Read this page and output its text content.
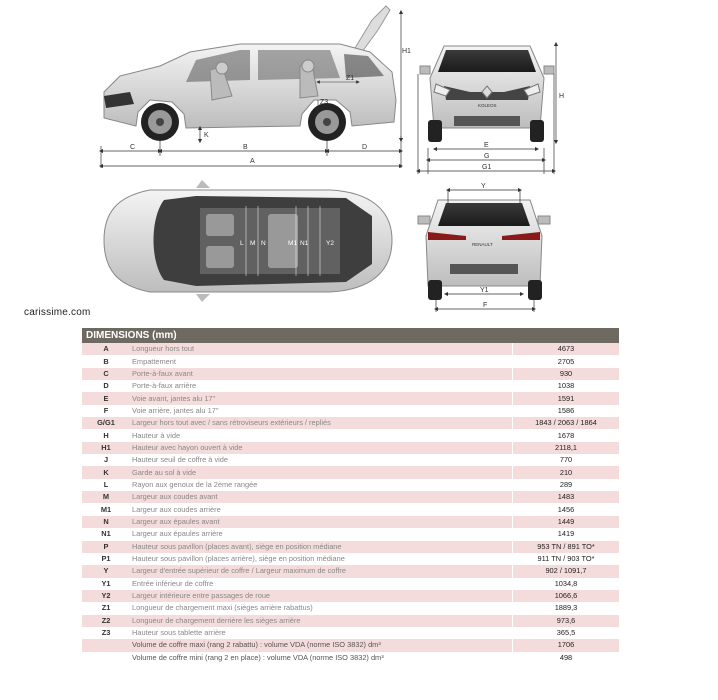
C	B	D
A
K
Z1
Z3
H1
KOLEOS
E
G
G1
H
L M N	M1 N1	Y2	RENAULT
Y
Y1
F
carissime.com
DIMENSIONS (mm)
A	Longueur hors tout	4673
B	Empattement	2705
C	Porte-à-faux avant	930
D	Porte-à-faux arrière	1038
E	Voie avant, jantes alu 17''	1591
F	Voie arrière, jantes alu 17''	1586
G/G1	Largeur hors tout avec / sans rétroviseurs extérieurs / repliés	1843 / 2063 / 1864
H	Hauteur à vide	1678
H1	Hauteur avec hayon ouvert à vide	2118,1
J	Hauteur seuil de coffre à vide	770
K	Garde au sol à vide	210
L	Rayon aux genoux de la 2ème rangée	289
M	Largeur aux coudes avant	1483
M1	Largeur aux coudes arrière	1456
N	Largeur aux épaules avant	1449
N1	Largeur aux épaules arrière	1419
P	Hauteur sous pavillon (places avant), siège en position médiane	953 TN / 891 TO*
P1	Hauteur sous pavillon (places arrière), siège en position médiane	911 TN / 903 TO*
Y	Largeur d'entrée supérieur de coffre / Largeur maximum de coffre	902 / 1091,7
Y1	Entrée inférieur de coffre	1034,8
Y2	Largeur intérieure entre passages de roue	1066,6
Z1	Longueur de chargement maxi (sièges arrière rabattus)	1889,3
Z2	Longueur de chargement derrière les sièges arrière	973,6
Z3	Hauteur sous tablette arrière	365,5
	Volume de coffre maxi (rang 2 rabattu) : volume VDA (norme ISO 3832) dm³	1706
	Volume de coffre mini (rang 2 en place) : volume VDA (norme ISO 3832) dm³	498
